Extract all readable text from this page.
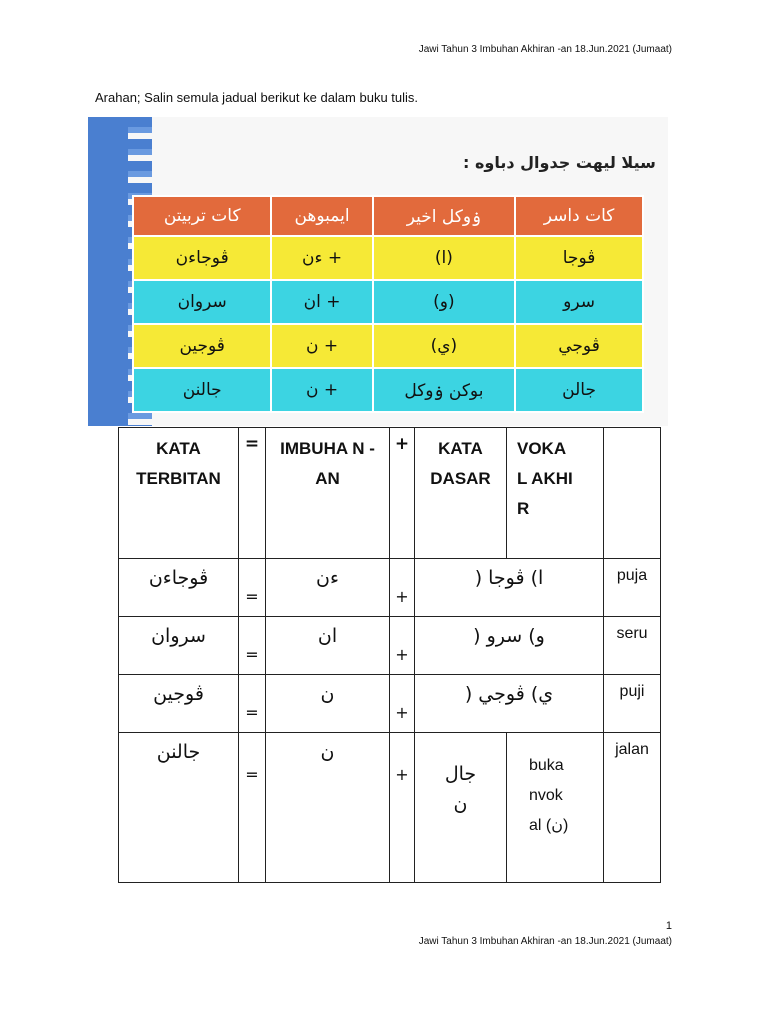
Jawi Tahun 3 Imbuhan Akhiran -an 18.Jun.2021 (Jumaat)
Arahan; Salin semula jadual berikut ke dalam buku tulis.
سيلا ليهت جدوال دباوه :
كات تربيتن	ايمبوهن	ۏوكل اخير	كات داسر
ڤوجاءن	+ ءن	(ا)	ڤوجا
سروان	+ ان	(و)	سرو
ڤوجين	+ ن	(ي)	ڤوجي
جالنن	+ ن	بوكن ۏوكل	جالن
KATA TERBITAN	=	IMBUHA N -AN	+	KATA DASAR	VOKA L AKHI R	

ڤوجاءن	=	ءن	+	ا) ڤوجا (		puja

سروان	=	ان	+	و) سرو (		seru

ڤوجين	=	ن	+	ي) ڤوجي (		puji

جالنن	=	ن	+	جال ن	buka nvok al (ن)	jalan
1
Jawi Tahun 3 Imbuhan Akhiran -an 18.Jun.2021 (Jumaat)
